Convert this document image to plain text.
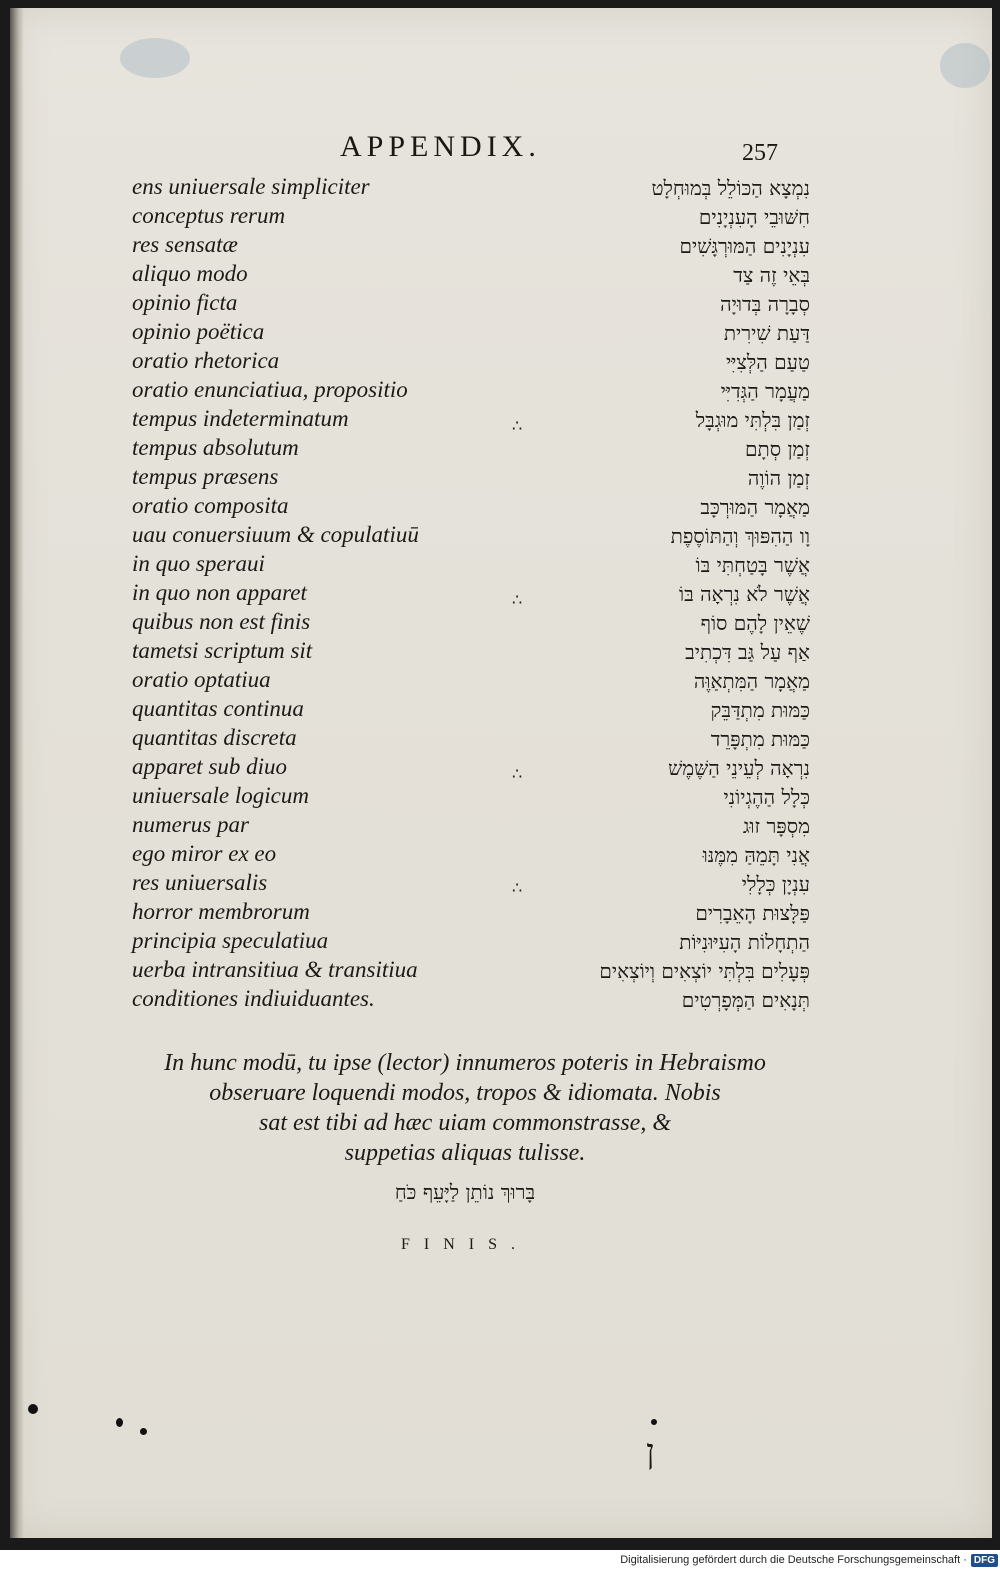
APPENDIX.	257
ens uniuersale simpliciter
conceptus rerum
res sensatæ
aliquo modo
opinio ficta
opinio poëtica
oratio rhetorica
oratio enunciatiua, propositio
tempus indeterminatum
tempus absolutum
tempus præsens
oratio composita
uau conuersiuum & copulatiuū
in quo speraui
in quo non apparet
quibus non est finis
tametsi scriptum sit
oratio optatiua
quantitas continua
quantitas discreta
apparet sub diuo
uniuersale logicum
numerus par
ego miror ex eo
res uniuersalis
horror membrorum
principia speculatiua
uerba intransitiua & transitiua
conditiones indiuiduantes.
∴
∴
∴
∴
נִמְצָא הַכּוֹלֵל בְּמוּחְלָט
חִשּׁוּבֵי הָעִנְיָנִים
עִנְיָנִים הַמּוּרְגָּשִׁים
בְּאֵי זֶה צַד
סְבָרָה בְּדוּיָה
דַּעַת שִׁירִית
טַעַם הַלְּצִיִּי
מַעֲמָר הַגְּדִיִּי
זְמַן בִּלְתִּי מוּגְבָּל
זְמַן סְתָם
זְמַן הוֹוֶה
מַאֲמָר הַמּוּרְכָּב
וָו הַהִפּוּךְ וְהַתּוֹסֶפֶת
אֲשֶׁר בָּטַחְתִּי בּוֹ
אֲשֶׁר לֹא נִרְאָה בּוֹ
שֶׁאֵין לָהֶם סוֹף
אַף עַל גַּב דִּכְתִיב
מַאֲמָר הַמִּתְאַוֶּה
כַּמּוּת מִתְדַּבֵּק
כַּמּוּת מִתְפָּרֵד
נִרְאָה לְעֵינֵי הַשֶּׁמֶשׁ
כְּלָל הַהֶגְיוֹנִי
מִסְפָּר זוּג
אֲנִי תָּמֵהַּ מִמֶּנּוּ
עִנְיָן כְּלָלִי
פַּלָּצוּת הָאֵבָרִים
הַתְחָלוֹת הָעִיּוּנִיּוֹת
פְּעָלִים בִּלְתִּי יוֹצְאִים וְיוֹצְאִים
תְּנָאִים הַמְּפָרְטִים
In hunc modū, tu ipse (lector) innumeros poteris in Hebraismo
obseruare loquendi modos, tropos & idiomata. Nobis
sat est tibi ad hæc uiam commonstrasse, &
suppetias aliquas tulisse.
בָּרוּךְ נוֹתֵן לַיָּעֵף כֹּחַ
FINIS.
ן
Digitalisierung gefördert durch die Deutsche Forschungsgemeinschaft · DFG
